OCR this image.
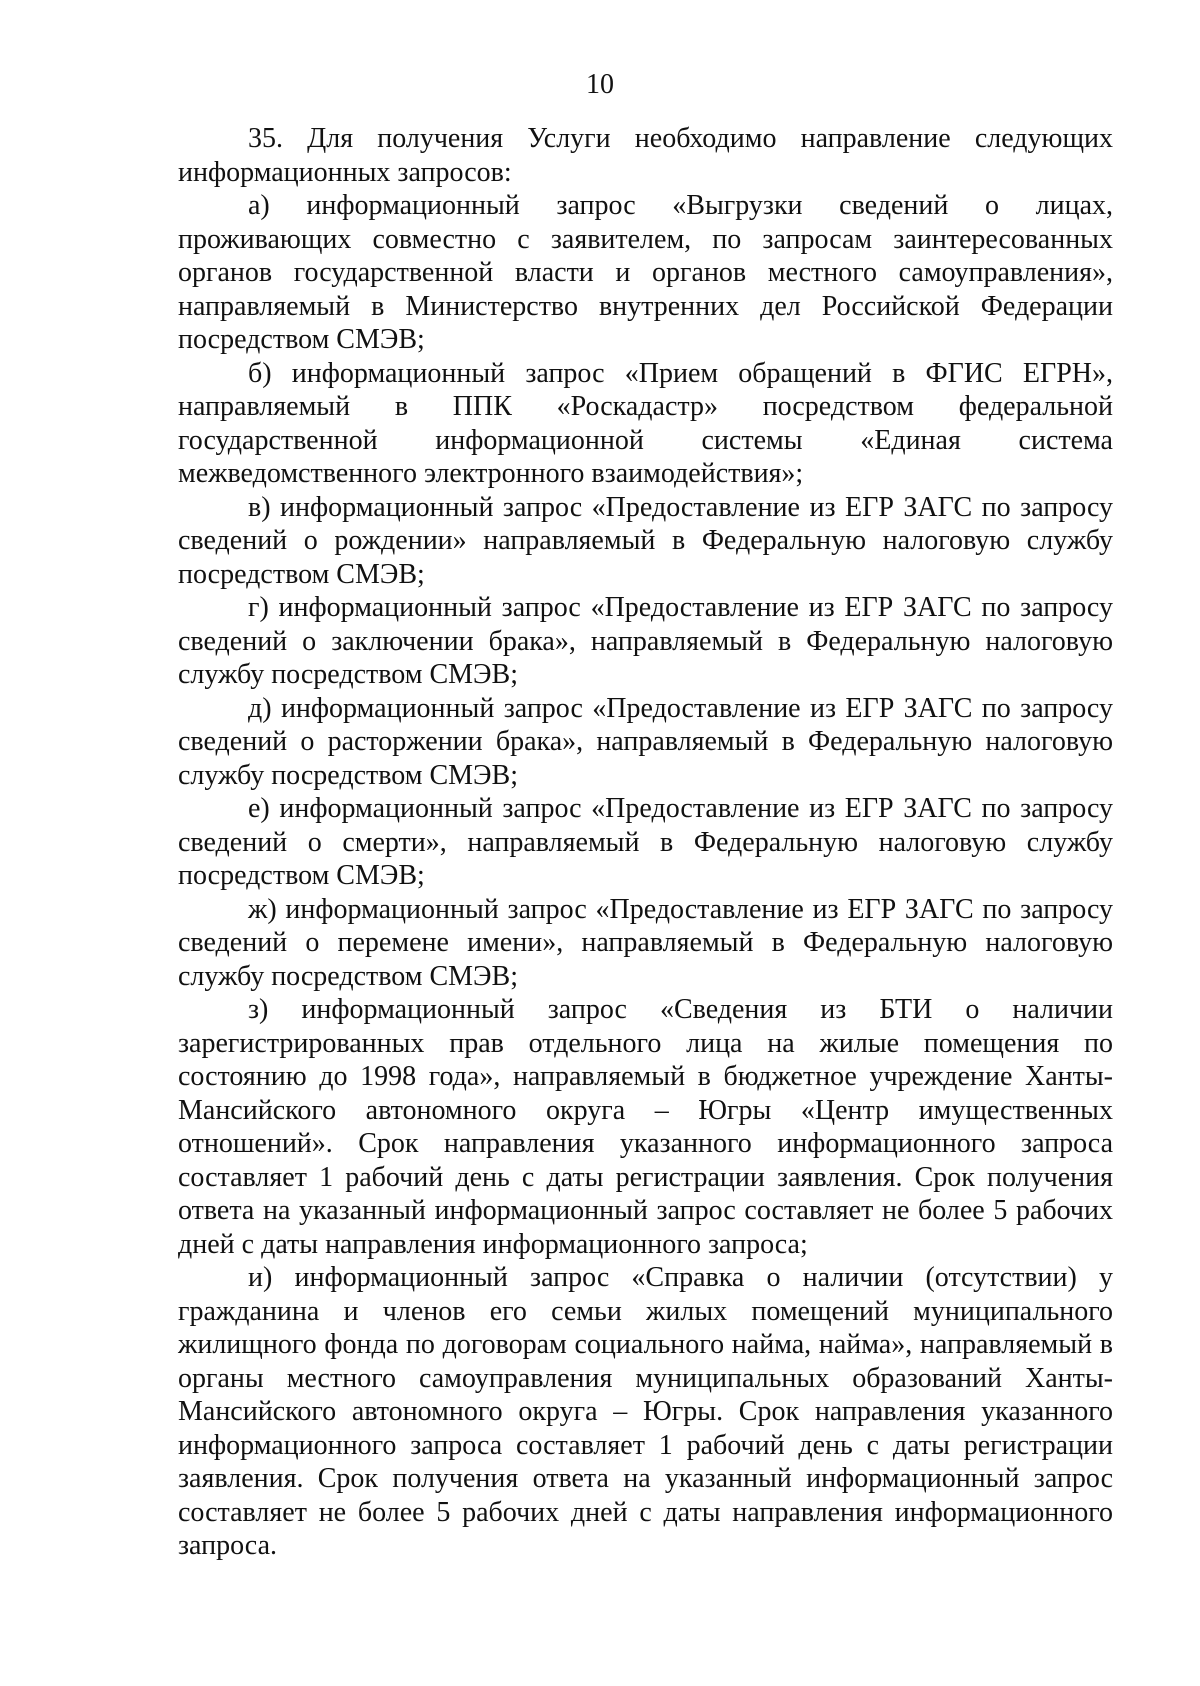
10

35. Для получения Услуги необходимо направление следующих информационных запросов:

а) информационный запрос «Выгрузки сведений о лицах, проживающих совместно с заявителем, по запросам заинтересованных органов государственной власти и органов местного самоуправления», направляемый в Министерство внутренних дел Российской Федерации посредством СМЭВ;

б) информационный запрос «Прием обращений в ФГИС ЕГРН», направляемый в ППК «Роскадастр» посредством федеральной государственной информационной системы «Единая система межведомственного электронного взаимодействия»;

в) информационный запрос «Предоставление из ЕГР ЗАГС по запросу сведений о рождении» направляемый в Федеральную налоговую службу посредством СМЭВ;

г) информационный запрос «Предоставление из ЕГР ЗАГС по запросу сведений о заключении брака», направляемый в Федеральную налоговую службу посредством СМЭВ;

д) информационный запрос «Предоставление из ЕГР ЗАГС по запросу сведений о расторжении брака», направляемый в Федеральную налоговую службу посредством СМЭВ;

е) информационный запрос «Предоставление из ЕГР ЗАГС по запросу сведений о смерти», направляемый в Федеральную налоговую службу посредством СМЭВ;

ж) информационный запрос «Предоставление из ЕГР ЗАГС по запросу сведений о перемене имени», направляемый в Федеральную налоговую службу посредством СМЭВ;

з) информационный запрос «Сведения из БТИ о наличии зарегистрированных прав отдельного лица на жилые помещения по состоянию до 1998 года», направляемый в бюджетное учреждение Ханты-Мансийского автономного округа – Югры «Центр имущественных отношений». Срок направления указанного информационного запроса составляет 1 рабочий день с даты регистрации заявления. Срок получения ответа на указанный информационный запрос составляет не более 5 рабочих дней с даты направления информационного запроса;

и) информационный запрос «Справка о наличии (отсутствии) у гражданина и членов его семьи жилых помещений муниципального жилищного фонда по договорам социального найма, найма», направляемый в органы местного самоуправления муниципальных образований Ханты-Мансийского автономного округа – Югры. Срок направления указанного информационного запроса составляет 1 рабочий день с даты регистрации заявления. Срок получения ответа на указанный информационный запрос составляет не более 5 рабочих дней с даты направления информационного запроса.
